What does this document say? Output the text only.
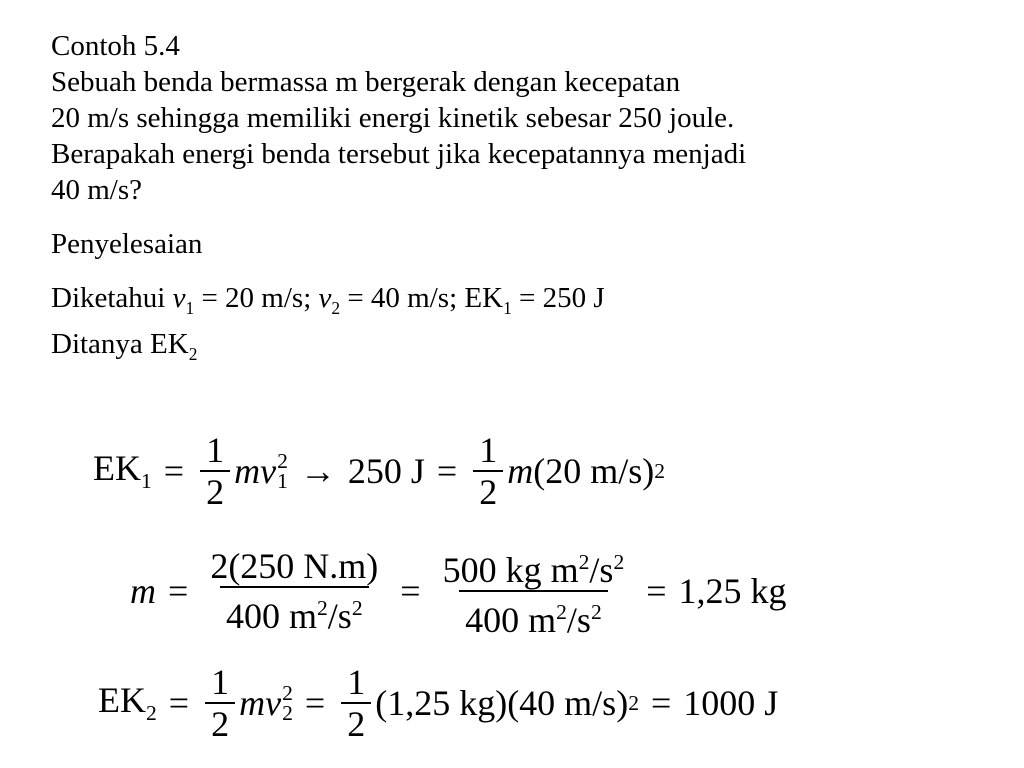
Contoh 5.4

Sebuah benda bermassa m bergerak dengan kecepatan

20 m/s sehingga memiliki energi kinetik sebesar 250 joule.

Berapakah energi benda tersebut jika kecepatannya menjadi

40 m/s?

Penyelesaian

Diketahui $v_1 = 20$ m/s; $v_2 = 40$ m/s; $EK_1 = 250$ J

Ditanya $EK_2$

$EK_1 = \frac{1}{2}$ mv 2
1 → 250 $J = \frac{1}{2}$ m (20 m/s) 2
$m = \frac{2(250 N.m)}{400 m^2/s^2} = \frac{500 kg m^2/s^2}{400 m^2/s^2} = 1,25$ kg
$EK_2 = \frac{1}{2}$ mv 2
$2 = \frac{1}{2} (1,25$ kg) (40 m/s) 2 = 1000 J
